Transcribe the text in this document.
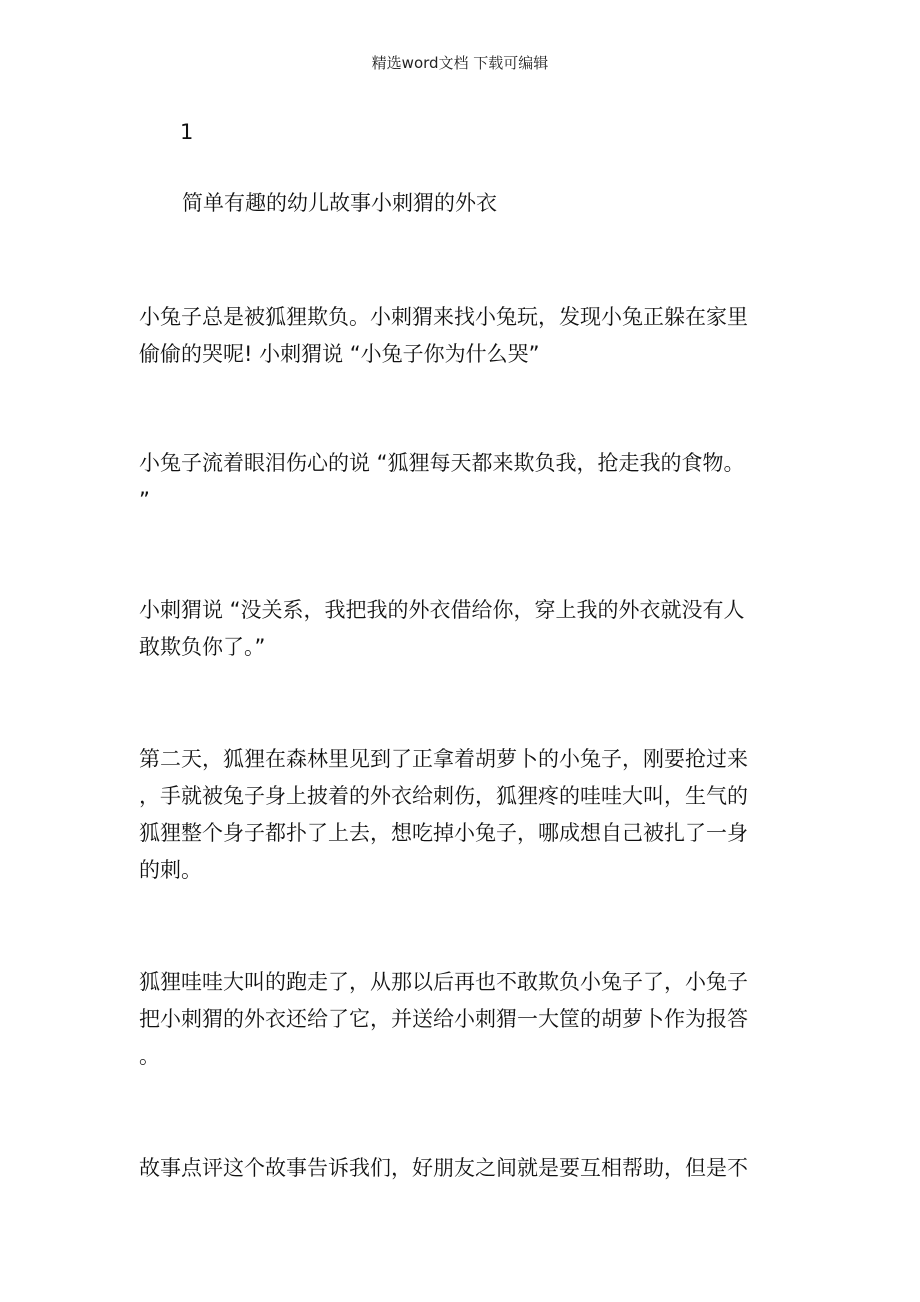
精选word文档 下载可编辑
1
简单有趣的幼儿故事小刺猬的外衣

小兔子总是被狐狸欺负。小刺猬来找小兔玩，发现小兔正躲在家里
偷偷的哭呢! 小刺猬说 “小兔子你为什么哭”

小兔子流着眼泪伤心的说 “狐狸每天都来欺负我，抢走我的食物。
”

小刺猬说 “没关系，我把我的外衣借给你，穿上我的外衣就没有人
敢欺负你了。”

第二天，狐狸在森林里见到了正拿着胡萝卜的小兔子，刚要抢过来
，手就被兔子身上披着的外衣给刺伤，狐狸疼的哇哇大叫，生气的
狐狸整个身子都扑了上去，想吃掉小兔子，哪成想自己被扎了一身
的刺。

狐狸哇哇大叫的跑走了，从那以后再也不敢欺负小兔子了，小兔子
把小刺猬的外衣还给了它，并送给小刺猬一大筐的胡萝卜作为报答
。

故事点评这个故事告诉我们，好朋友之间就是要互相帮助，但是不
